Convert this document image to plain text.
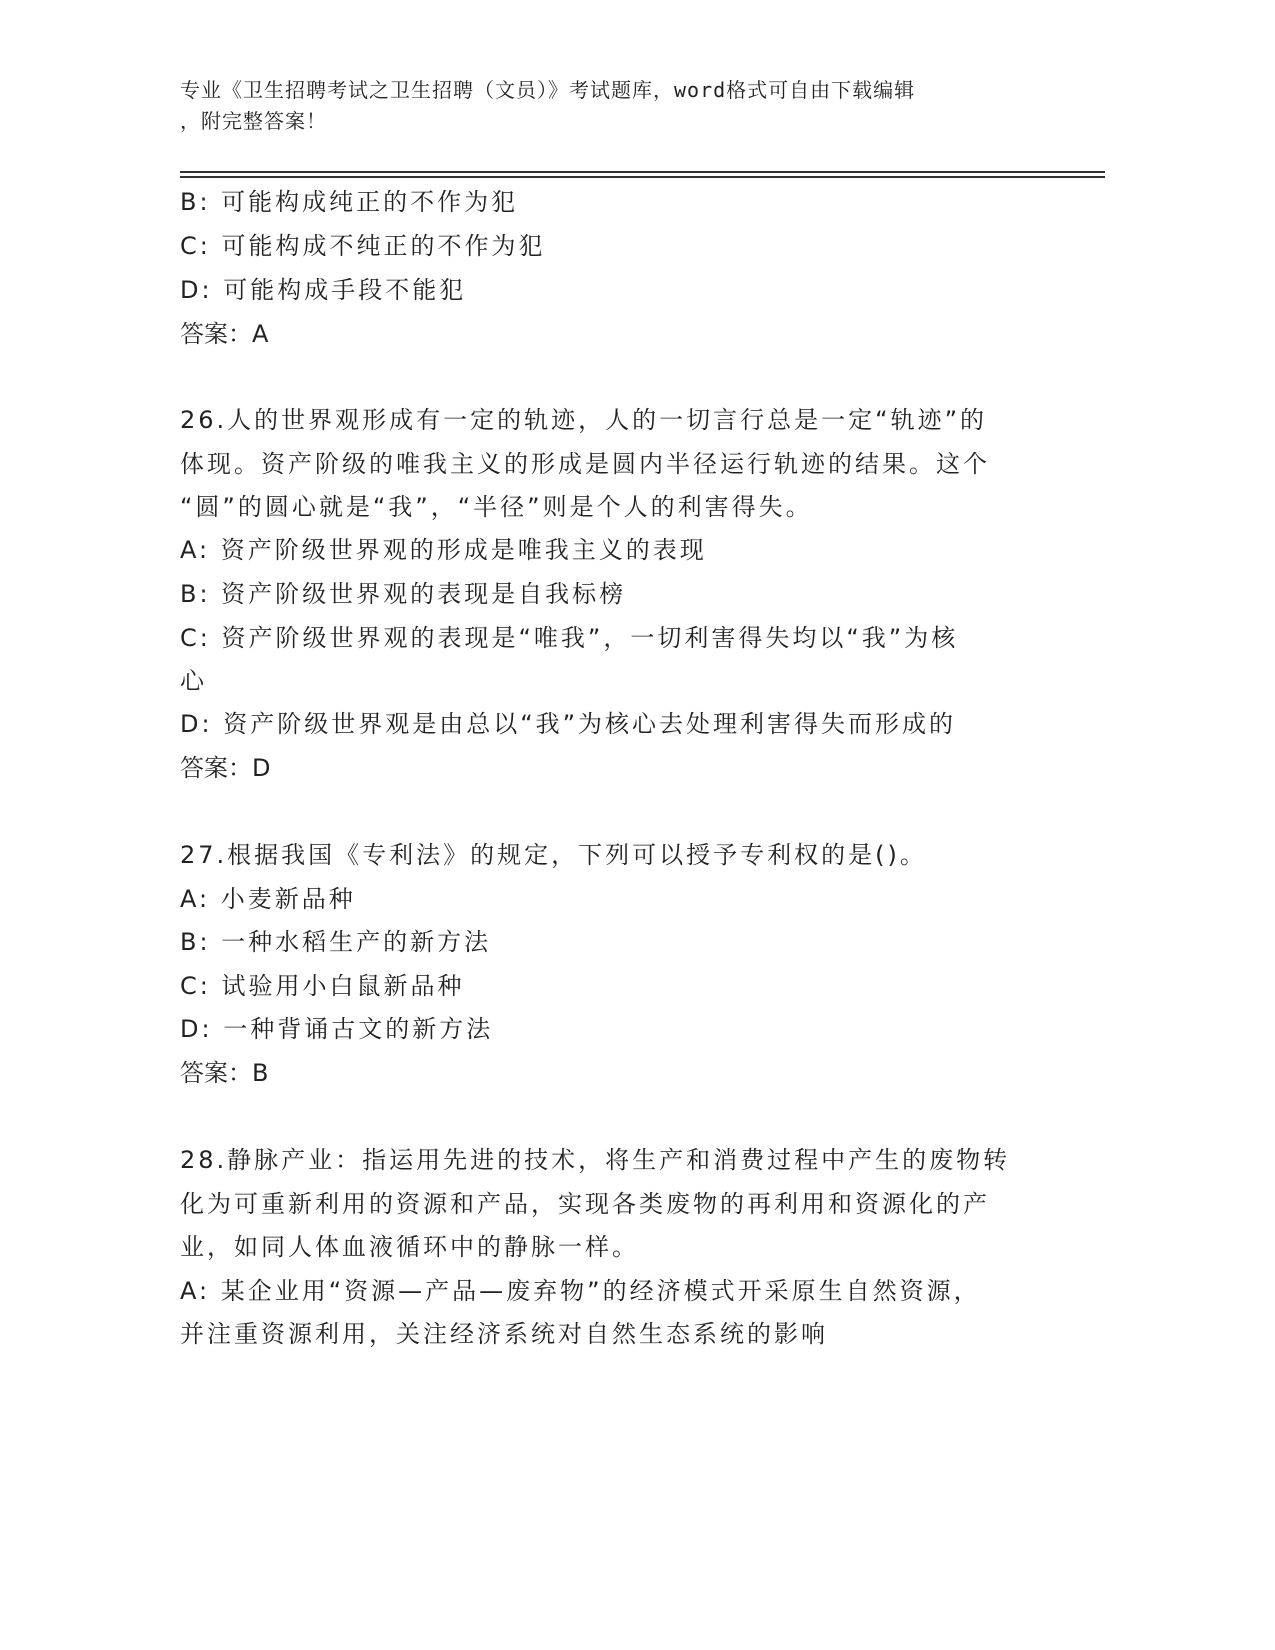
专业《卫生招聘考试之卫生招聘（文员）》考试题库，word格式可自由下载编辑
，附完整答案！
B: 可能构成纯正的不作为犯
C: 可能构成不纯正的不作为犯
D: 可能构成手段不能犯
答案：A
26.人的世界观形成有一定的轨迹，人的一切言行总是一定“轨迹”的
体现。资产阶级的唯我主义的形成是圆内半径运行轨迹的结果。这个
“圆”的圆心就是“我”，“半径”则是个人的利害得失。
A: 资产阶级世界观的形成是唯我主义的表现
B: 资产阶级世界观的表现是自我标榜
C: 资产阶级世界观的表现是“唯我”，一切利害得失均以“我”为核
心
D: 资产阶级世界观是由总以“我”为核心去处理利害得失而形成的
答案：D
27.根据我国《专利法》的规定，下列可以授予专利权的是()。
A: 小麦新品种
B: 一种水稻生产的新方法
C: 试验用小白鼠新品种
D: 一种背诵古文的新方法
答案：B
28.静脉产业：指运用先进的技术，将生产和消费过程中产生的废物转
化为可重新利用的资源和产品，实现各类废物的再利用和资源化的产
业，如同人体血液循环中的静脉一样。
A: 某企业用“资源—产品—废弃物”的经济模式开采原生自然资源，
并注重资源利用，关注经济系统对自然生态系统的影响
